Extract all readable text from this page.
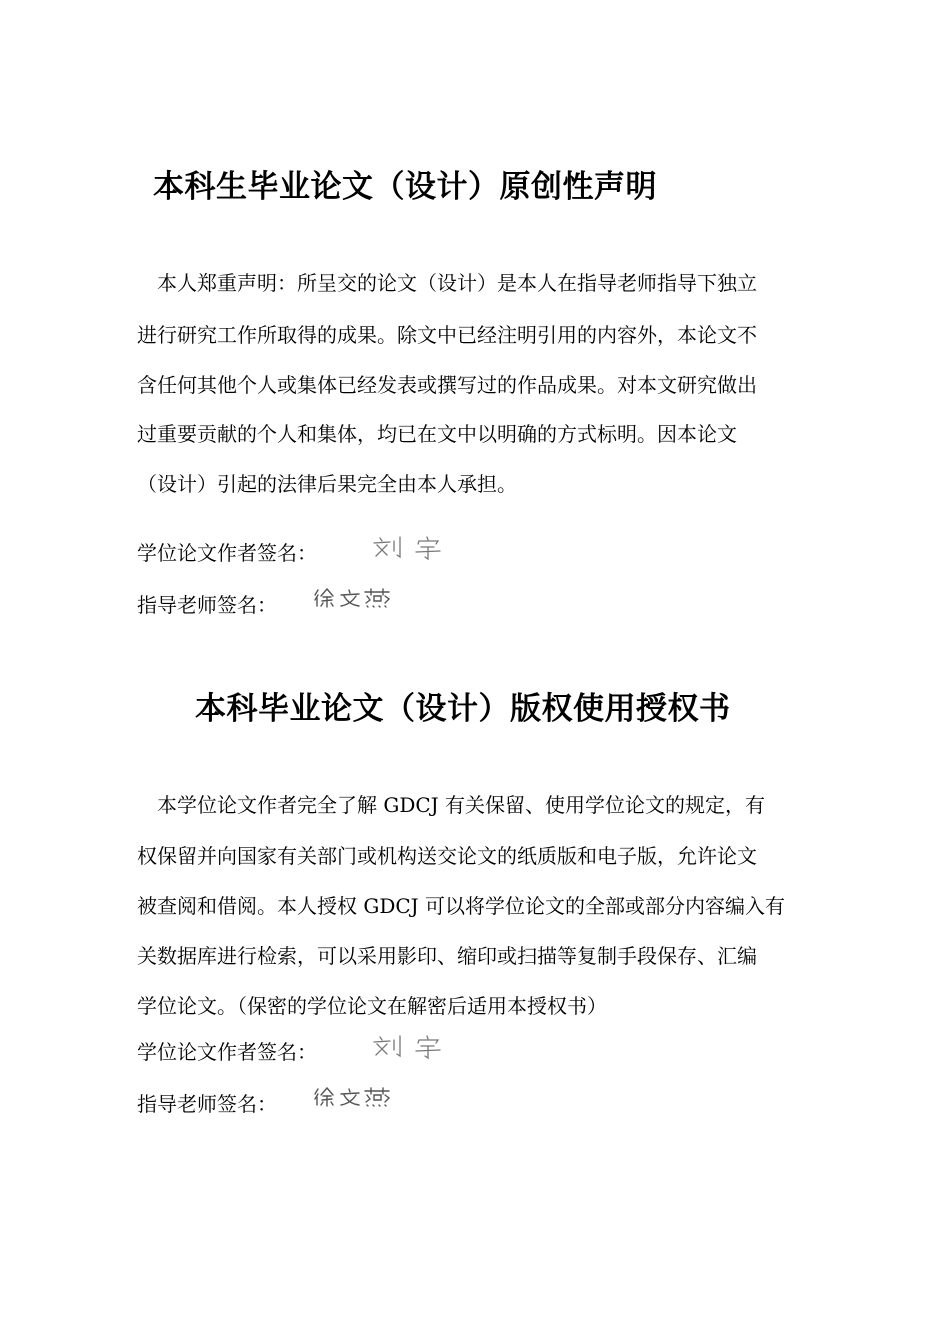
本科生毕业论文（设计）原创性声明
　本人郑重声明：所呈交的论文（设计）是本人在指导老师指导下独立
进行研究工作所取得的成果。除文中已经注明引用的内容外，本论文不
含任何其他个人或集体已经发表或撰写过的作品成果。对本文研究做出
过重要贡献的个人和集体，均已在文中以明确的方式标明。因本论文
（设计）引起的法律后果完全由本人承担。
学位论文作者签名：
指导老师签名：
本科毕业论文（设计）版权使用授权书
　本学位论文作者完全了解 GDCJ 有关保留、使用学位论文的规定，有
权保留并向国家有关部门或机构送交论文的纸质版和电子版，允许论文
被查阅和借阅。本人授权 GDCJ 可以将学位论文的全部或部分内容编入有
关数据库进行检索，可以采用影印、缩印或扫描等复制手段保存、汇编
学位论文。（保密的学位论文在解密后适用本授权书）
学位论文作者签名：
指导老师签名：
